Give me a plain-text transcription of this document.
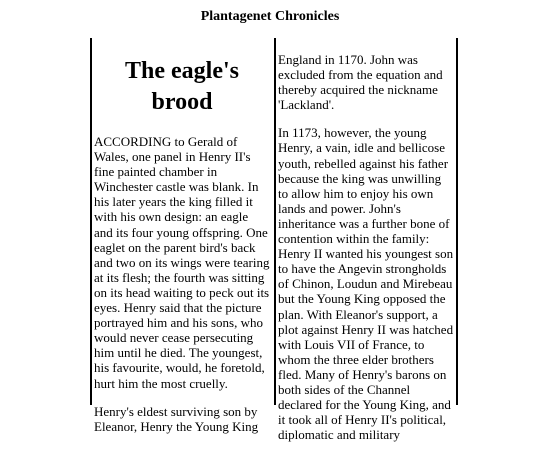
Plantagenet Chronicles
The eagle's brood

ACCORDING to Gerald of Wales, one panel in Henry II's fine painted chamber in Winchester castle was blank. In his later years the king filled it with his own design: an eagle and its four young offspring. One eaglet on the parent bird's back and two on its wings were tearing at its flesh; the fourth was sitting on its head waiting to peck out its eyes. Henry said that the picture portrayed him and his sons, who would never cease persecuting him until he died. The youngest, his favourite, would, he foretold, hurt him the most cruelly.

Henry's eldest surviving son by Eleanor, Henry the Young King

England in 1170. John was excluded from the equation and thereby acquired the nickname 'Lackland'.

In 1173, however, the young Henry, a vain, idle and bellicose youth, rebelled against his father because the king was unwilling to allow him to enjoy his own lands and power. John's inheritance was a further bone of contention within the family: Henry II wanted his youngest son to have the Angevin strongholds of Chinon, Loudun and Mirebeau but the Young King opposed the plan. With Eleanor's support, a plot against Henry II was hatched with Louis VII of France, to whom the three elder brothers fled. Many of Henry's barons on both sides of the Channel declared for the Young King, and it took all of Henry II's political, diplomatic and military
